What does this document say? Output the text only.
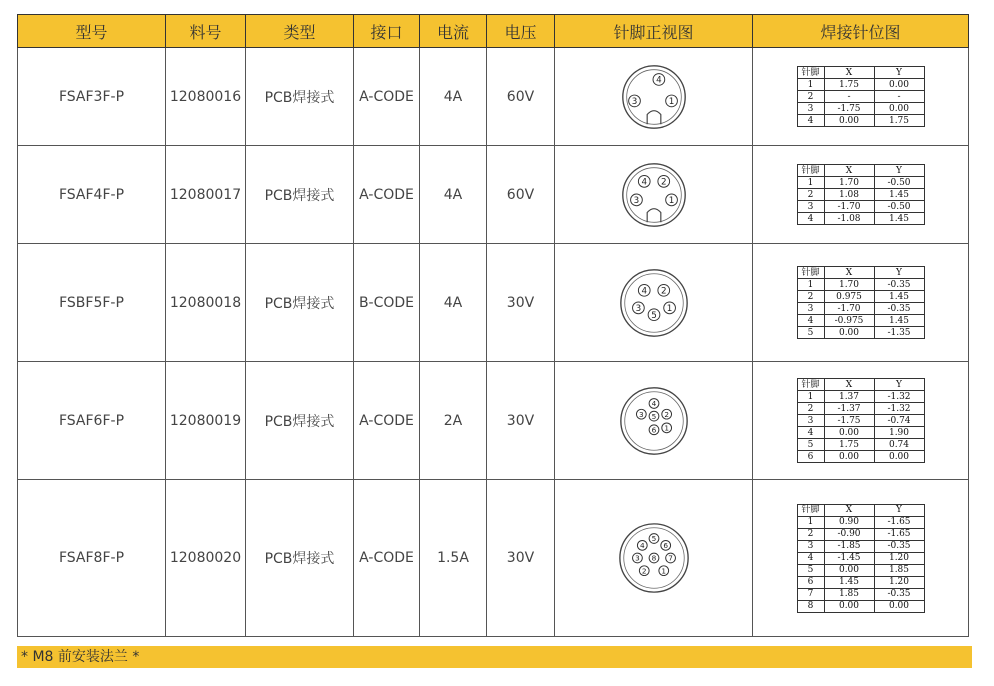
型号	料号	类型	接口	电流	电压	针脚正视图	焊接针位图
FSAF3F-P	12080016	PCB焊接式	A-CODE	4A	60V	
4
3	1

针脚	X	Y
1	1.75	0.00
2	-	-
3	-1.75	0.00
4	0.00	1.75

FSAF4F-P	12080017	PCB焊接式	A-CODE	4A	60V	
4 2
3	1

针脚	X	Y
1	1.70	-0.50
2	1.08	1.45
3	-1.70	-0.50
4	-1.08	1.45

FSBF5F-P	12080018	PCB焊接式	B-CODE	4A	30V	
4 2
3	1
5

针脚	X	Y
1	1.70	-0.35
2	0.975	1.45
3	-1.70	-0.35
4	-0.975	1.45
5	0.00	-1.35

FSAF6F-P	12080019	PCB焊接式	A-CODE	2A	30V	
4
3 5
6
2
1

针脚	X	Y
1	1.37	-1.32
2	-1.37	-1.32
3	-1.75	-0.74
4	0.00	1.90
5	1.75	0.74
6	0.00	0.00

FSAF8F-P	12080020	PCB焊接式	A-CODE	1.5A	30V	
5
4 6
3 8 7
2 1

针脚	X	Y
1	0.90	-1.65
2	-0.90	-1.65
3	-1.85	-0.35
4	-1.45	1.20
5	0.00	1.85
6	1.45	1.20
7	1.85	-0.35
8	0.00	0.00
* M8 前安装法兰 *
